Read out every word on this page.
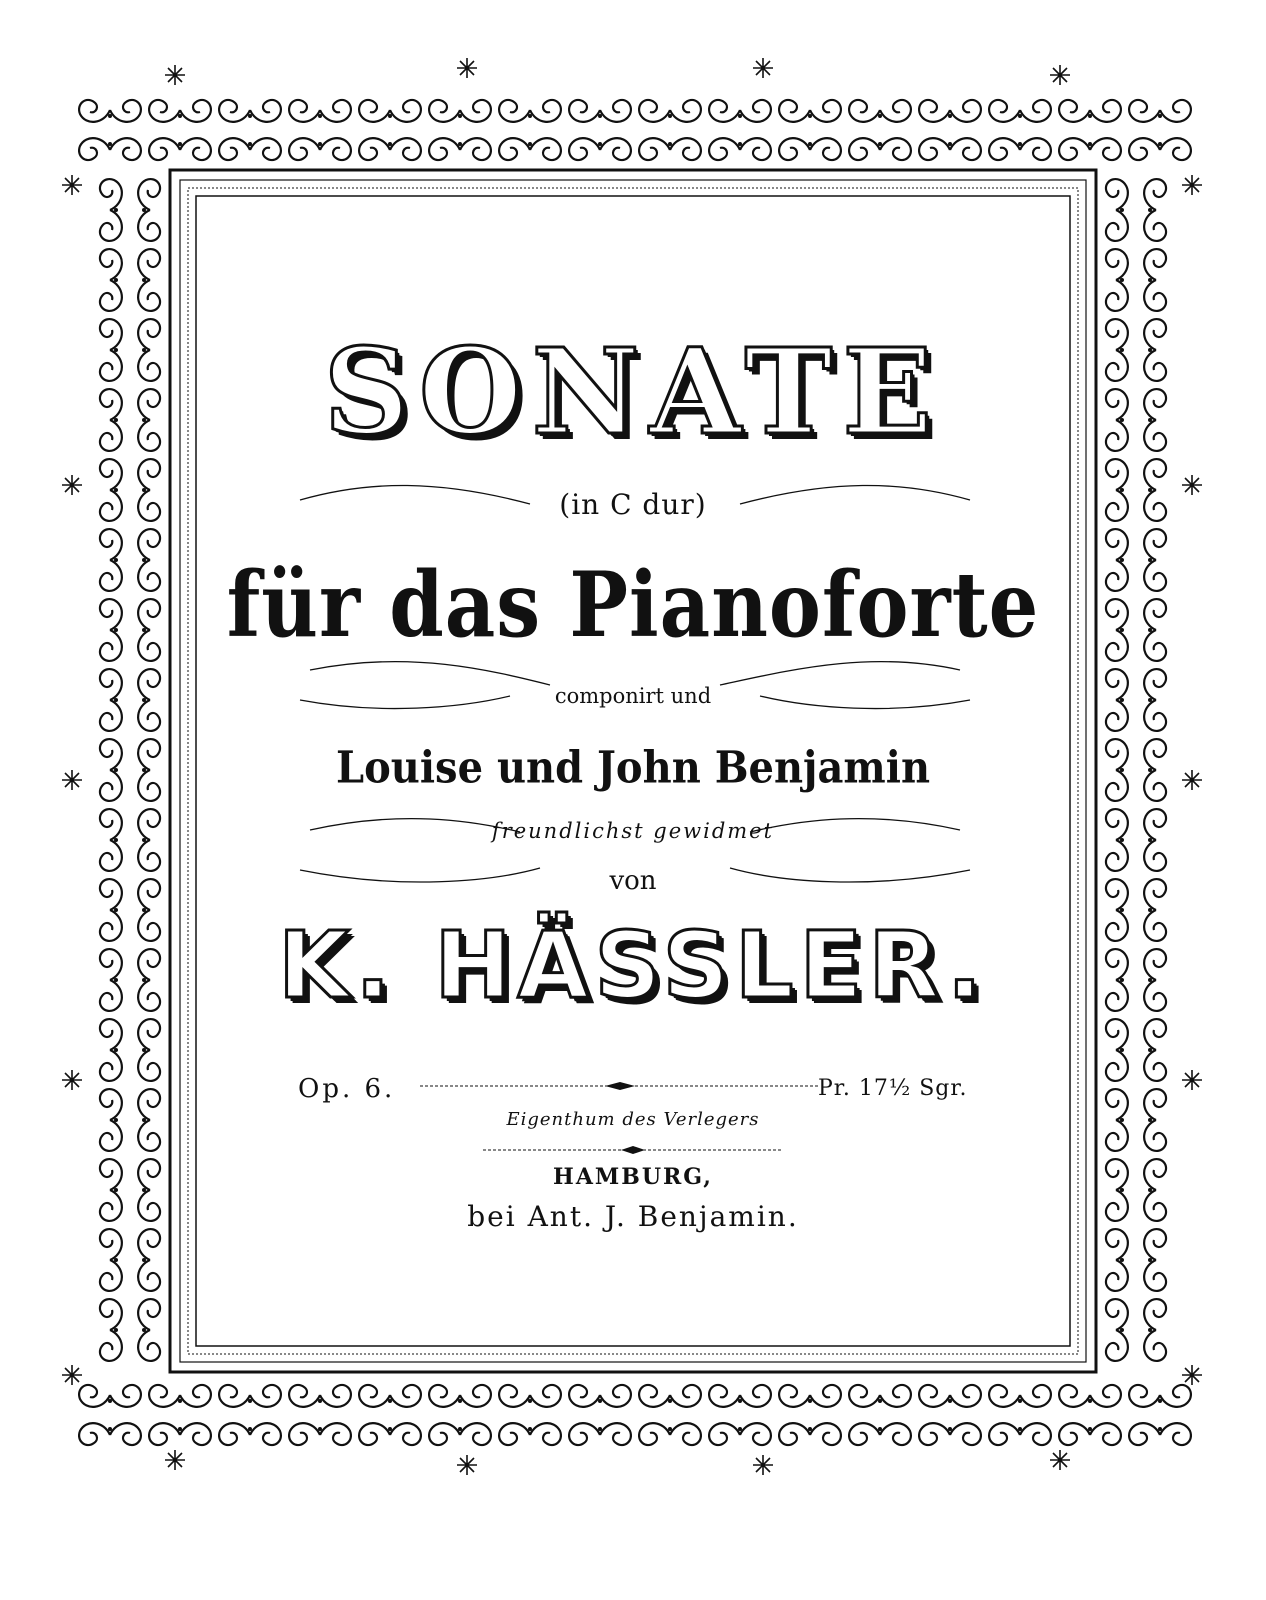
SONATE
(in C dur)
für das Pianoforte
componirt und
Louise und John Benjamin
freundlichst gewidmet
von
K. HÄSSLER.
Op. 6.	Pr. 17½ Sgr.
Eigenthum des Verlegers
HAMBURG,
bei Ant. J. Benjamin.
